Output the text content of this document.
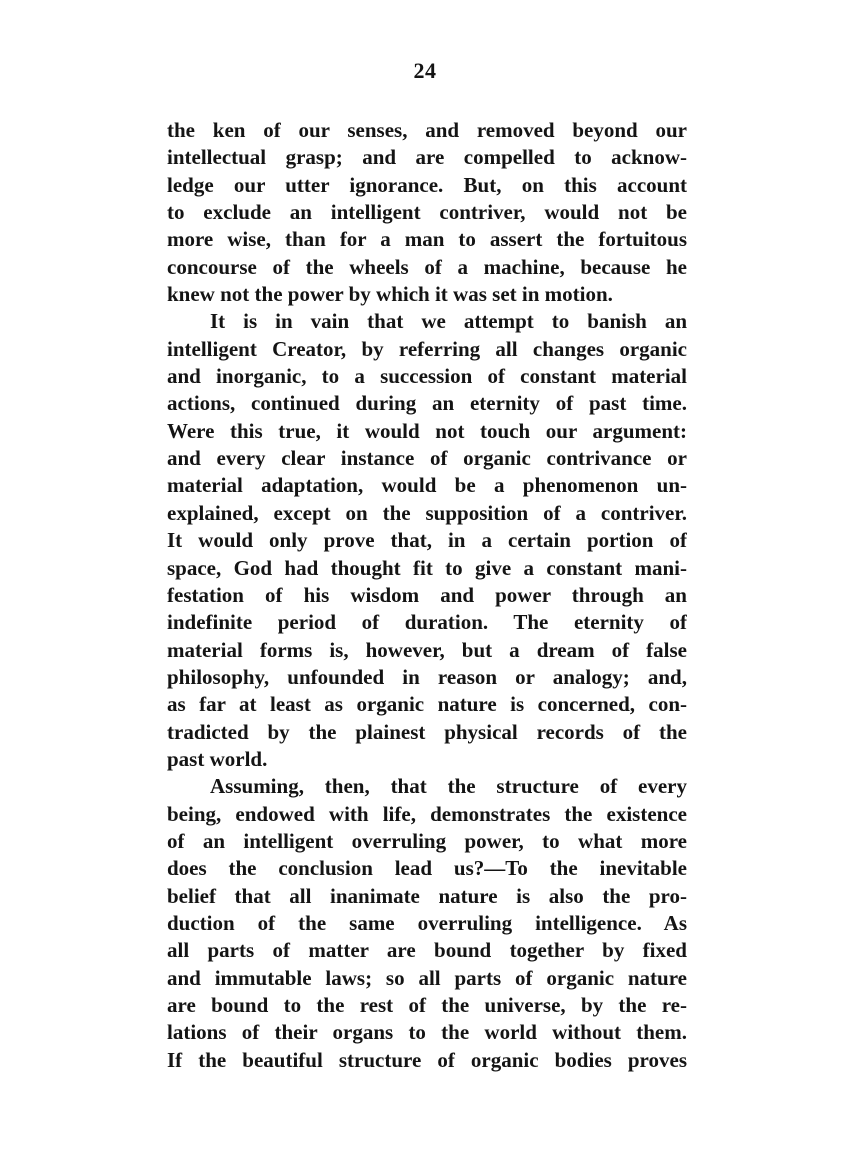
24
the ken of our senses, and removed beyond our
intellectual grasp; and are compelled to acknow-
ledge our utter ignorance. But, on this account
to exclude an intelligent contriver, would not be
more wise, than for a man to assert the fortuitous
concourse of the wheels of a machine, because he
knew not the power by which it was set in motion.
It is in vain that we attempt to banish an
intelligent Creator, by referring all changes organic
and inorganic, to a succession of constant material
actions, continued during an eternity of past time.
Were this true, it would not touch our argument:
and every clear instance of organic contrivance or
material adaptation, would be a phenomenon un-
explained, except on the supposition of a contriver.
It would only prove that, in a certain portion of
space, God had thought fit to give a constant mani-
festation of his wisdom and power through an
indefinite period of duration. The eternity of
material forms is, however, but a dream of false
philosophy, unfounded in reason or analogy; and,
as far at least as organic nature is concerned, con-
tradicted by the plainest physical records of the
past world.
Assuming, then, that the structure of every
being, endowed with life, demonstrates the existence
of an intelligent overruling power, to what more
does the conclusion lead us?—To the inevitable
belief that all inanimate nature is also the pro-
duction of the same overruling intelligence. As
all parts of matter are bound together by fixed
and immutable laws; so all parts of organic nature
are bound to the rest of the universe, by the re-
lations of their organs to the world without them.
If the beautiful structure of organic bodies proves
